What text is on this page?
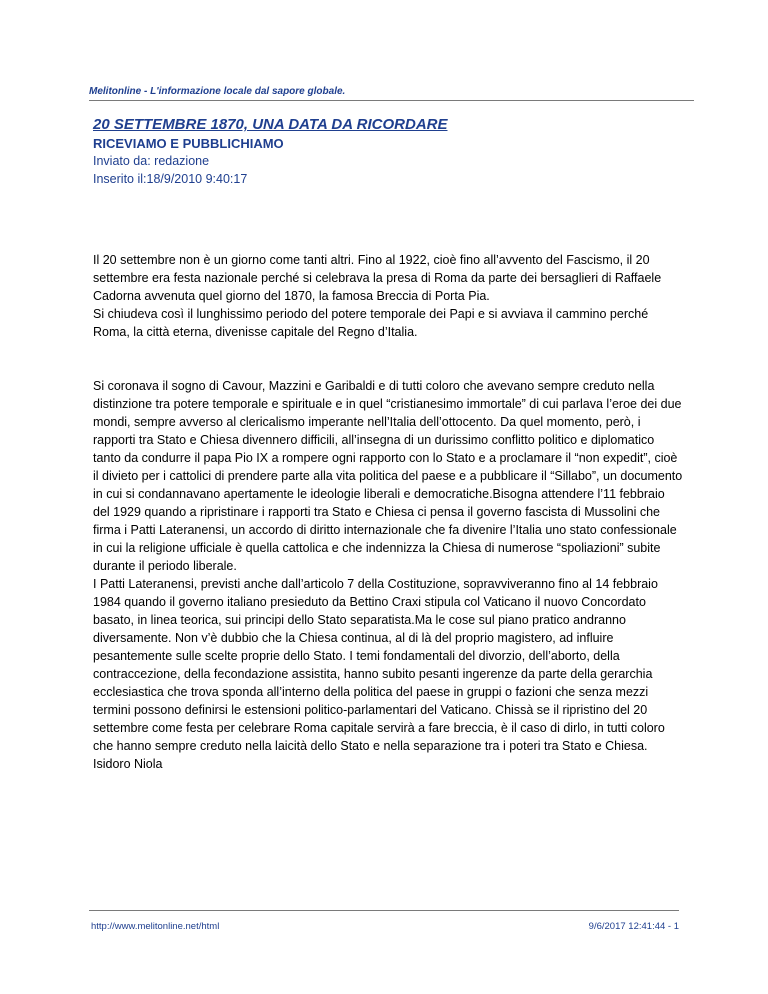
Melitonline - L'informazione locale dal sapore globale.
20 SETTEMBRE 1870, UNA DATA DA RICORDARE
RICEVIAMO E PUBBLICHIAMO
Inviato da: redazione
Inserito il:18/9/2010 9:40:17

Il 20 settembre non è un giorno come tanti altri. Fino al 1922, cioè fino all’avvento del Fascismo, il 20 settembre era festa nazionale perché si celebrava la presa di Roma da parte dei bersaglieri di Raffaele Cadorna avvenuta quel giorno del 1870, la famosa Breccia di Porta Pia.
Si chiudeva così il lunghissimo periodo del potere temporale dei Papi e si avviava il cammino perché Roma, la città eterna, divenisse capitale del Regno d’Italia.

Si coronava il sogno di Cavour, Mazzini e Garibaldi e di tutti coloro che avevano sempre creduto nella distinzione tra potere temporale e spirituale e in quel “cristianesimo immortale” di cui parlava l’eroe dei due mondi, sempre avverso al clericalismo imperante nell’Italia dell’ottocento. Da quel momento, però, i rapporti tra Stato e Chiesa divennero difficili, all’insegna di un durissimo conflitto politico e diplomatico tanto da condurre il papa Pio IX a rompere ogni rapporto con lo Stato e a proclamare il “non expedit”, cioè il divieto per i cattolici di prendere parte alla vita politica del paese e a pubblicare il “Sillabo”, un documento in cui si condannavano apertamente le ideologie liberali e democratiche.Bisogna attendere l’11 febbraio del 1929 quando a ripristinare i rapporti tra Stato e Chiesa ci pensa il governo fascista di Mussolini che firma i Patti Lateranensi, un accordo di diritto internazionale che fa divenire l’Italia uno stato confessionale in cui la religione ufficiale è quella cattolica e che indennizza la Chiesa di numerose “spoliazioni” subite durante il periodo liberale.
I Patti Lateranensi, previsti anche dall’articolo 7 della Costituzione, sopravviveranno fino al 14 febbraio 1984 quando il governo italiano presieduto da Bettino Craxi stipula col Vaticano il nuovo Concordato basato, in linea teorica, sui principi dello Stato separatista.Ma le cose sul piano pratico andranno diversamente. Non v’è dubbio che la Chiesa continua, al di là del proprio magistero, ad influire pesantemente sulle scelte proprie dello Stato. I temi fondamentali del divorzio, dell’aborto, della contraccezione, della fecondazione assistita, hanno subito pesanti ingerenze da parte della gerarchia ecclesiastica che trova sponda all’interno della politica del paese in gruppi o fazioni che senza mezzi termini possono definirsi le estensioni politico-parlamentari del Vaticano. Chissà se il ripristino del 20 settembre come festa per celebrare Roma capitale servirà a fare breccia, è il caso di dirlo, in tutti coloro che hanno sempre creduto nella laicità dello Stato e nella separazione tra i poteri tra Stato e Chiesa. Isidoro Niola

http://www.melitonline.net/html	9/6/2017 12:41:44 - 1
